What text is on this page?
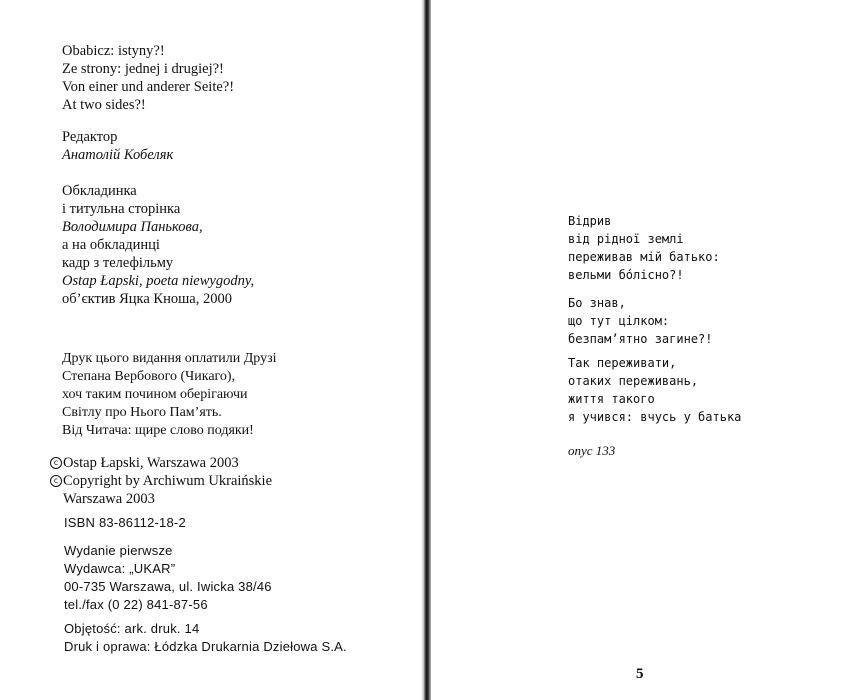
Obabicz: istyny?!
Ze strony: jednej i drugiej?!
Von einer und anderer Seite?!
At two sides?!
Редактор
Анатолій Кобеляк
Обкладинка
і титульна сторінка
Володимира Панькова,
а на обкладинці
кадр з телефільму
Ostap Łapski, poeta niewygodny,
об’єктив Яцка Кноша, 2000
Друк цього видання оплатили Друзі
Степана Вербового (Чикаго),
хоч таким почином оберігаючи
Світлу про Нього Пам’ять.
Від Читача: щире слово подяки!
c Ostap Łapski, Warszawa 2003
c Copyright by Archiwum Ukraińskie
Warszawa 2003
ISBN 83-86112-18-2
Wydanie pierwsze
Wydawca: „UKAR”
00-735 Warszawa, ul. Iwicka 38/46
tel./fax (0 22) 841-87-56
Objętość: ark. druk. 14
Druk i oprawa: Łódzka Drukarnia Dziełowa S.A.
Відрив
від рідної землі
переживав мій батько:
вельми бóлісно?!
Бо знав,
що тут цілком:
безпам’ятно загине?!
Так переживати,
отаких переживань,
життя такого
я учився: вчусь у батька
опус 133
5
